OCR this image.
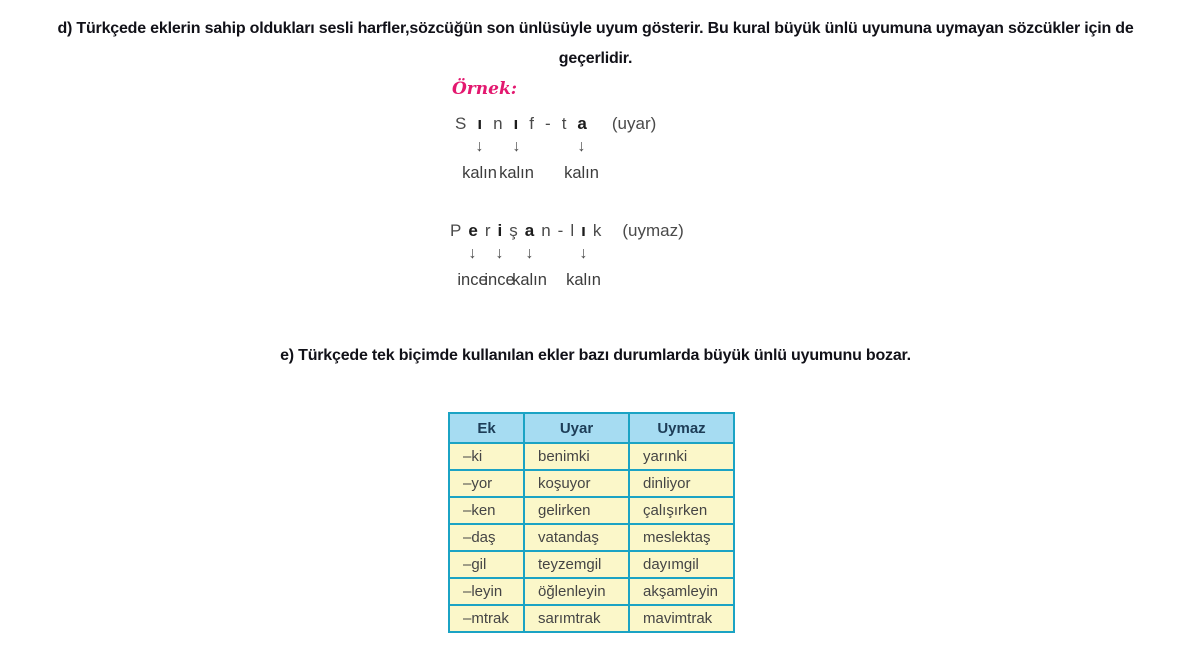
d) Türkçede eklerin sahip oldukları sesli harfler,sözcüğün son ünlüsüyle uyum gösterir. Bu kural büyük ünlü uyumuna uymayan sözcükler için de
geçerlidir.
Örnek:
S ı n ı f - t a (uyar)
↓ ↓	↓
kalın kalın kalın
P e r i ş a n - l ı k (uymaz)
↓ ↓ ↓	↓
ince
ince
kalın kalın
e) Türkçede tek biçimde kullanılan ekler bazı durumlarda büyük ünlü uyumunu bozar.
Ek	Uyar	Uymaz
–ki	benimki	yarınki
–yor	koşuyor	dinliyor
–ken	gelirken	çalışırken
–daş	vatandaş	meslektaş
–gil	teyzemgil	dayımgil
–leyin	öğlenleyin	akşamleyin
–mtrak	sarımtrak	mavimtrak
